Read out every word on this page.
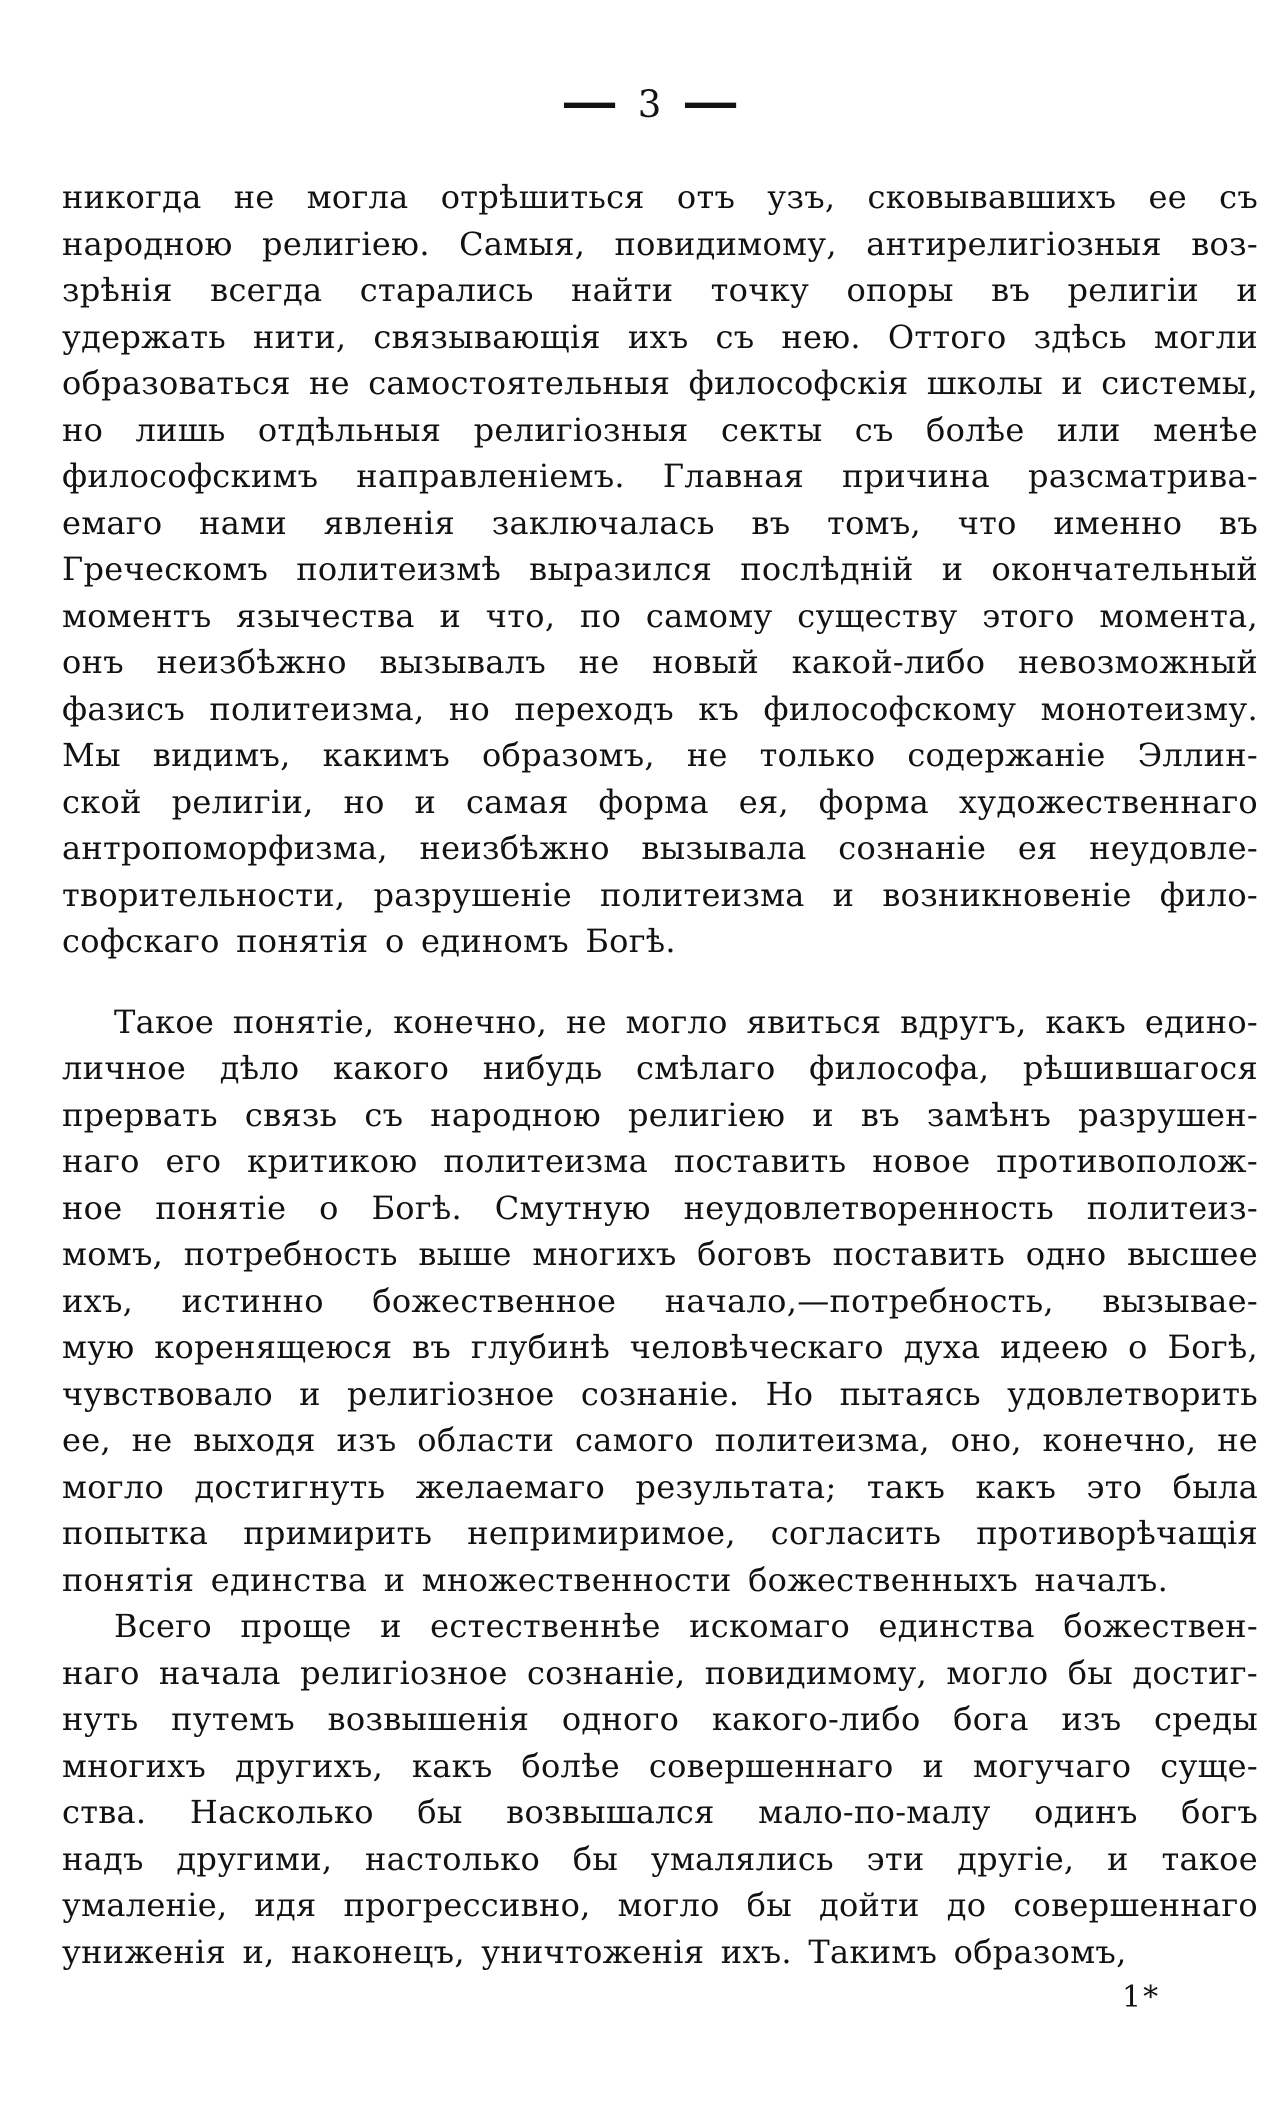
— 3 —
никогда не могла отрѣшиться отъ узъ, сковывавшихъ ее съ
народною религіею. Самыя, повидимому, антирелигіозныя воз-
зрѣнія всегда старались найти точку опоры въ религіи и
удержать нити, связывающія ихъ съ нею. Оттого здѣсь могли
образоваться не самостоятельныя философскія школы и системы,
но лишь отдѣльныя религіозныя секты съ болѣе или менѣе
философскимъ направленіемъ. Главная причина разсматрива-
емаго нами явленія заключалась въ томъ, что именно въ
Греческомъ политеизмѣ выразился послѣдній и окончательный
моментъ язычества и что, по самому существу этого момента,
онъ неизбѣжно вызывалъ не новый какой-либо невозможный
фазисъ политеизма, но переходъ къ философскому монотеизму.
Мы видимъ, какимъ образомъ, не только содержаніе Эллин-
ской религіи, но и самая форма ея, форма художественнаго
антропоморфизма, неизбѣжно вызывала сознаніе ея неудовле-
творительности, разрушеніе политеизма и возникновеніе фило-
софскаго понятія о единомъ Богѣ.
Такое понятіе, конечно, не могло явиться вдругъ, какъ едино-
личное дѣло какого нибудь смѣлаго философа, рѣшившагося
прервать связь съ народною религіею и въ замѣнъ разрушен-
наго его критикою политеизма поставить новое противополож-
ное понятіе о Богѣ. Смутную неудовлетворенность политеиз-
момъ, потребность выше многихъ боговъ поставить одно высшее
ихъ, истинно божественное начало,—потребность, вызывае-
мую коренящеюся въ глубинѣ человѣческаго духа идеею о Богѣ,
чувствовало и религіозное сознаніе. Но пытаясь удовлетворить
ее, не выходя изъ области самого политеизма, оно, конечно, не
могло достигнуть желаемаго результата; такъ какъ это была
попытка примирить непримиримое, согласить противорѣчащія
понятія единства и множественности божественныхъ началъ.
Всего проще и естественнѣе искомаго единства божествен-
наго начала религіозное сознаніе, повидимому, могло бы достиг-
нуть путемъ возвышенія одного какого-либо бога изъ среды
многихъ другихъ, какъ болѣе совершеннаго и могучаго суще-
ства. Насколько бы возвышался мало-по-малу одинъ богъ
надъ другими, настолько бы умалялись эти другіе, и такое
умаленіе, идя прогрессивно, могло бы дойти до совершеннаго
униженія и, наконецъ, уничтоженія ихъ. Такимъ образомъ,
1*
